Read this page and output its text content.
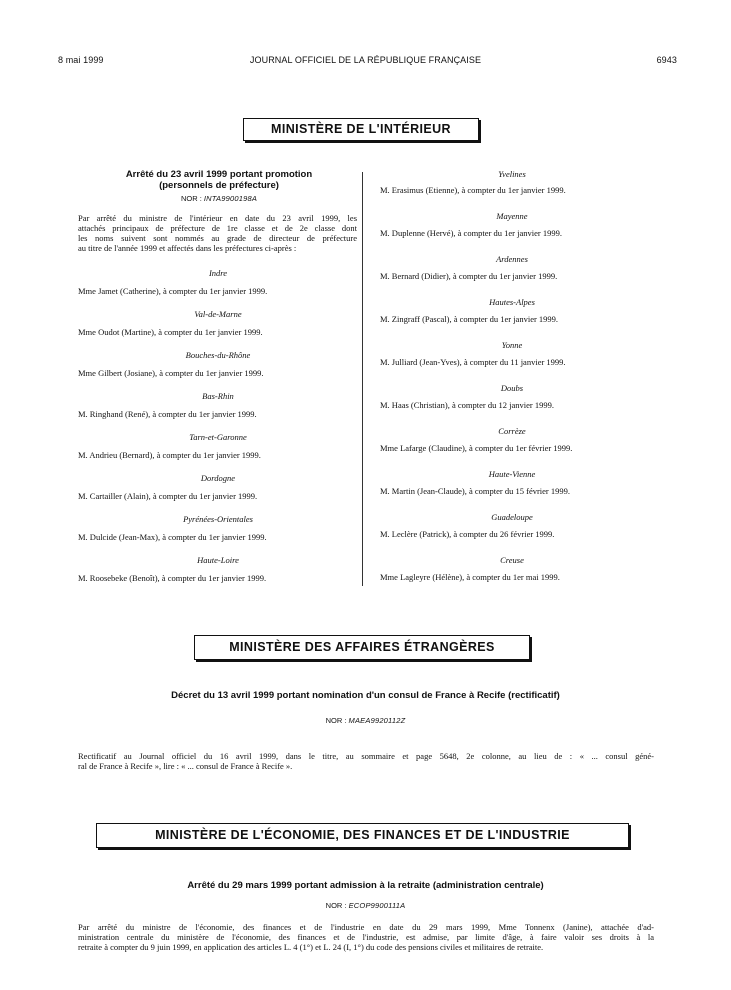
8 mai 1999	JOURNAL OFFICIEL DE LA RÉPUBLIQUE FRANÇAISE	6943
MINISTÈRE DE L'INTÉRIEUR
Arrêté du 23 avril 1999 portant promotion
(personnels de préfecture)
NOR : INTA9900198A
Par arrêté du ministre de l'intérieur en date du 23 avril 1999, les
attachés principaux de préfecture de 1re classe et de 2e classe dont
les noms suivent sont nommés au grade de directeur de préfecture
au titre de l'année 1999 et affectés dans les préfectures ci-après :
Indre
Mme Jamet (Catherine), à compter du 1er janvier 1999.
Val-de-Marne
Mme Oudot (Martine), à compter du 1er janvier 1999.
Bouches-du-Rhône
Mme Gilbert (Josiane), à compter du 1er janvier 1999.
Bas-Rhin
M. Ringhand (René), à compter du 1er janvier 1999.
Tarn-et-Garonne
M. Andrieu (Bernard), à compter du 1er janvier 1999.
Dordogne
M. Cartailler (Alain), à compter du 1er janvier 1999.
Pyrénées-Orientales
M. Dulcide (Jean-Max), à compter du 1er janvier 1999.
Haute-Loire
M. Roosebeke (Benoît), à compter du 1er janvier 1999.
Yvelines
M. Erasimus (Etienne), à compter du 1er janvier 1999.
Mayenne
M. Duplenne (Hervé), à compter du 1er janvier 1999.
Ardennes
M. Bernard (Didier), à compter du 1er janvier 1999.
Hautes-Alpes
M. Zingraff (Pascal), à compter du 1er janvier 1999.
Yonne
M. Julliard (Jean-Yves), à compter du 11 janvier 1999.
Doubs
M. Haas (Christian), à compter du 12 janvier 1999.
Corrèze
Mme Lafarge (Claudine), à compter du 1er février 1999.
Haute-Vienne
M. Martin (Jean-Claude), à compter du 15 février 1999.
Guadeloupe
M. Leclère (Patrick), à compter du 26 février 1999.
Creuse
Mme Lagleyre (Hélène), à compter du 1er mai 1999.
MINISTÈRE DES AFFAIRES ÉTRANGÈRES
Décret du 13 avril 1999 portant nomination d'un consul de France à Recife (rectificatif)
NOR : MAEA9920112Z
Rectificatif au Journal officiel du 16 avril 1999, dans le titre, au sommaire et page 5648, 2e colonne, au lieu de : « ... consul géné-
ral de France à Recife », lire : « ... consul de France à Recife ».
MINISTÈRE DE L'ÉCONOMIE, DES FINANCES ET DE L'INDUSTRIE
Arrêté du 29 mars 1999 portant admission à la retraite (administration centrale)
NOR : ECOP9900111A
Par arrêté du ministre de l'économie, des finances et de l'industrie en date du 29 mars 1999, Mme Tonnenx (Janine), attachée d'ad-
ministration centrale du ministère de l'économie, des finances et de l'industrie, est admise, par limite d'âge, à faire valoir ses droits à la
retraite à compter du 9 juin 1999, en application des articles L. 4 (1°) et L. 24 (I, 1°) du code des pensions civiles et militaires de retraite.
